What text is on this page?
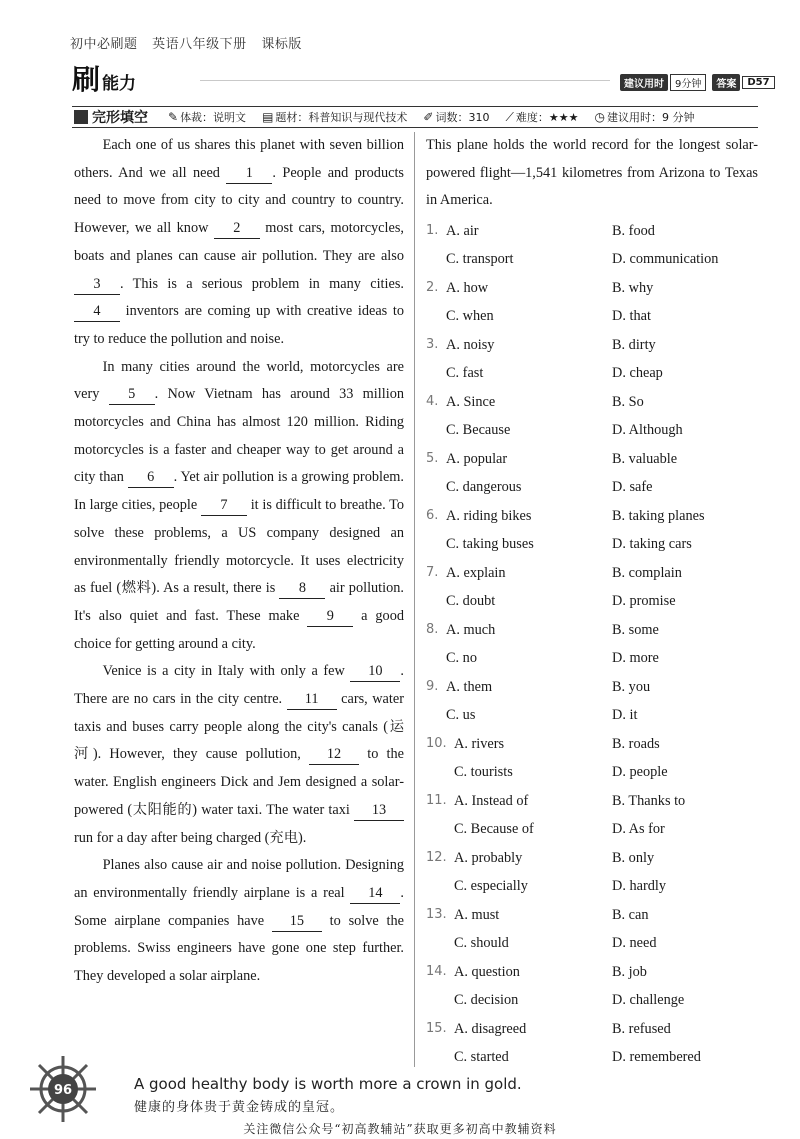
初中必刷题 英语八年级下册 课标版
刷 能力	建议用时	9分钟	答案	D57
完形填空 ✎ 体裁：说明文 ▤ 题材：科普知识与现代技术 ✐ 词数：310 ⟋ 难度：★★★ ◷ 建议用时：9 分钟

Each one of us shares this planet with seven billion others. And we all need 1 . People and products need to move from city to city and country to country. However, we all know 2 most cars, motorcycles, boats and planes can cause air pollution. They are also 3 . This is a serious problem in many cities. 4 inventors are coming up with creative ideas to try to reduce the pollution and noise.

In many cities around the world, motorcycles are very 5 . Now Vietnam has around 33 million motorcycles and China has almost 120 million. Riding motorcycles is a faster and cheaper way to get around a city than 6 . Yet air pollution is a growing problem. In large cities, people 7 it is difficult to breathe. To solve these problems, a US company designed an environmentally friendly motorcycle. It uses electricity as fuel (燃料). As a result, there is 8 air pollution. It's also quiet and fast. These make 9 a good choice for getting around a city.

Venice is a city in Italy with only a few 10 . There are no cars in the city centre. 11 cars, water taxis and buses carry people along the city's canals (运河). However, they cause pollution, 12 to the water. English engineers Dick and Jem designed a solar-powered (太阳能的) water taxi. The water taxi 13 run for a day after being charged (充电).

Planes also cause air and noise pollution. Designing an environmentally friendly airplane is a real 14 . Some airplane companies have 15 to solve the problems. Swiss engineers have gone one step further. They developed a solar airplane.

This plane holds the world record for the longest solar-powered flight—1,541 kilometres from Arizona to Texas in America.
1. A. air	B. food
C. transport	D. communication
2. A. how	B. why
C. when	D. that
3. A. noisy	B. dirty
C. fast	D. cheap
4. A. Since	B. So
C. Because	D. Although
5. A. popular	B. valuable
C. dangerous	D. safe
6. A. riding bikes	B. taking planes
C. taking buses	D. taking cars
7. A. explain	B. complain
C. doubt	D. promise
8. A. much	B. some
C. no	D. more
9. A. them	B. you
C. us	D. it
10. A. rivers	B. roads
C. tourists	D. people
11. A. Instead of	B. Thanks to
C. Because of	D. As for
12. A. probably	B. only
C. especially	D. hardly
13. A. must	B. can
C. should	D. need
14. A. question	B. job
C. decision	D. challenge
15. A. disagreed	B. refused
C. started	D. remembered
96	A good healthy body is worth more a crown in gold.
健康的身体贵于黄金铸成的皇冠。
关注微信公众号“初高教辅站”获取更多初高中教辅资料
